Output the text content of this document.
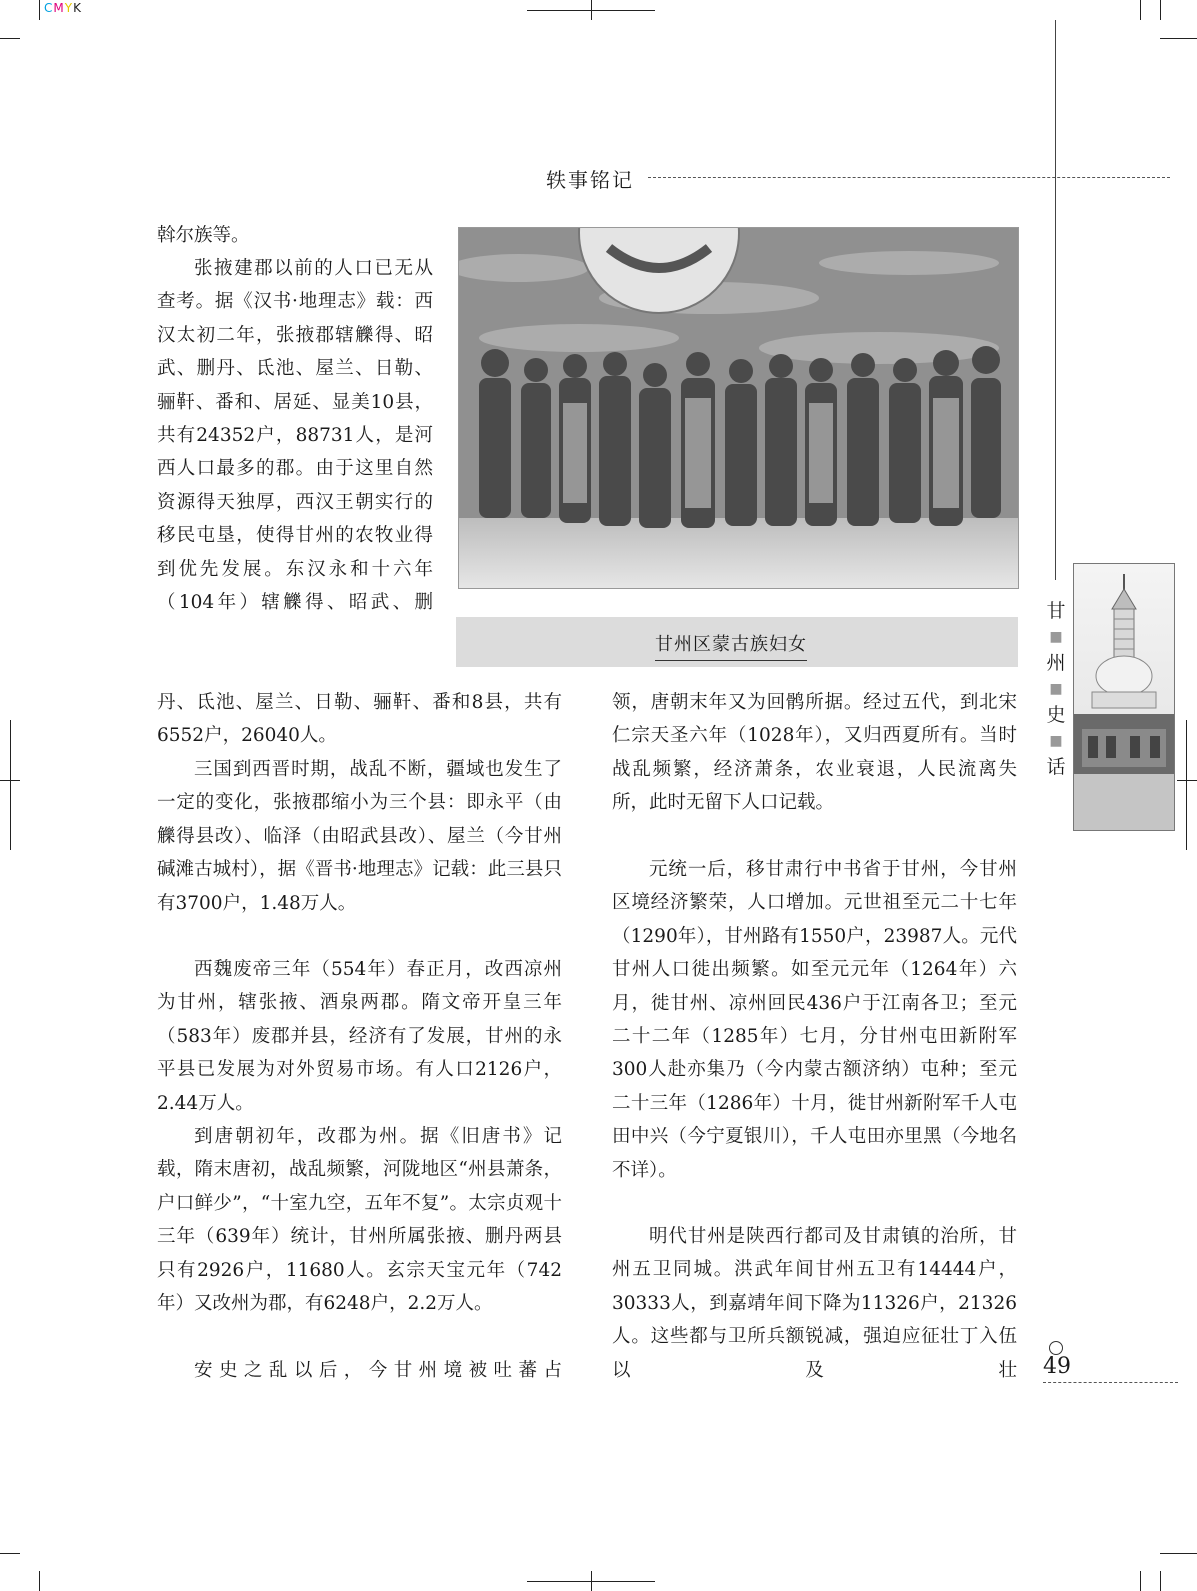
CMYK
轶事铭记
甘州区蒙古族妇女

斡尔族等。

张掖建郡以前的人口已无从查考。据《汉书·地理志》载：西汉太初二年，张掖郡辖觻得、昭武、删丹、氐池、屋兰、日勒、骊靬、番和、居延、显美10县，共有24352户，88731人，是河西人口最多的郡。由于这里自然资源得天独厚，西汉王朝实行的移民屯垦，使得甘州的农牧业得到优先发展。东汉永和十六年（104年）辖觻得、昭武、删

丹、氐池、屋兰、日勒、骊靬、番和8县，共有6552户，26040人。

三国到西晋时期，战乱不断，疆域也发生了一定的变化，张掖郡缩小为三个县：即永平（由觻得县改）、临泽（由昭武县改）、屋兰（今甘州碱滩古城村），据《晋书·地理志》记载：此三县只有3700户，1.48万人。

西魏废帝三年（554年）春正月，改西凉州为甘州，辖张掖、酒泉两郡。隋文帝开皇三年（583年）废郡并县，经济有了发展，甘州的永平县已发展为对外贸易市场。有人口2126户，2.44万人。

到唐朝初年，改郡为州。据《旧唐书》记载，隋末唐初，战乱频繁，河陇地区“州县萧条，户口鲜少”，“十室九空，五年不复”。太宗贞观十三年（639年）统计，甘州所属张掖、删丹两县只有2926户，11680人。玄宗天宝元年（742年）又改州为郡，有6248户，2.2万人。

安史之乱以后，今甘州境被吐蕃占

领，唐朝末年又为回鹘所据。经过五代，到北宋仁宗天圣六年（1028年），又归西夏所有。当时战乱频繁，经济萧条，农业衰退，人民流离失所，此时无留下人口记载。

元统一后，移甘肃行中书省于甘州，今甘州区境经济繁荣，人口增加。元世祖至元二十七年（1290年），甘州路有1550户，23987人。元代甘州人口徙出频繁。如至元元年（1264年）六月，徙甘州、凉州回民436户于江南各卫；至元二十二年（1285年）七月，分甘州屯田新附军300人赴亦集乃（今内蒙古额济纳）屯种；至元二十三年（1286年）十月，徙甘州新附军千人屯田中兴（今宁夏银川），千人屯田亦里黑（今地名不详）。

明代甘州是陕西行都司及甘肃镇的治所，甘州五卫同城。洪武年间甘州五卫有14444户，30333人，到嘉靖年间下降为11326户，21326人。这些都与卫所兵额锐减，强迫应征壮丁入伍以及壮

甘
■
州
■
史
■
话
49
